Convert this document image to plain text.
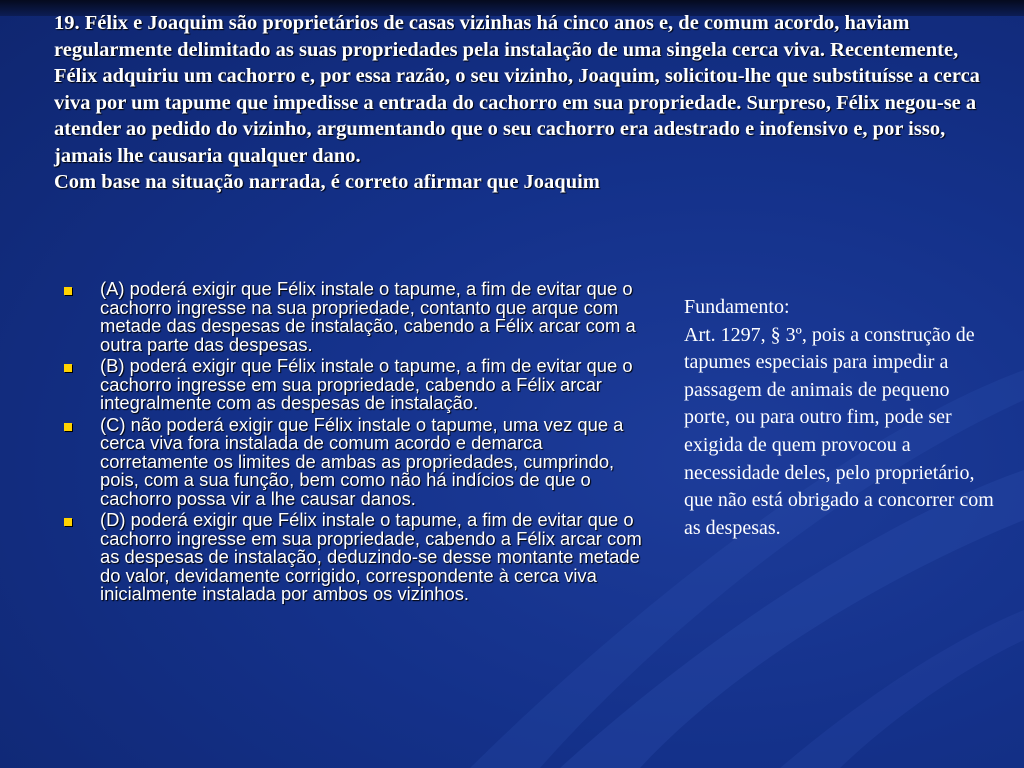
19. Félix e Joaquim são proprietários de casas vizinhas há cinco anos e, de comum acordo, haviam regularmente delimitado as suas propriedades pela instalação de uma singela cerca viva. Recentemente, Félix adquiriu um cachorro e, por essa razão, o seu vizinho, Joaquim, solicitou-lhe que substituísse a cerca viva por um tapume que impedisse a entrada do cachorro em sua propriedade. Surpreso, Félix negou-se a atender ao pedido do vizinho, argumentando que o seu cachorro era adestrado e inofensivo e, por isso, jamais lhe causaria qualquer dano.

Com base na situação narrada, é correto afirmar que Joaquim

(A) poderá exigir que Félix instale o tapume, a fim de evitar que o cachorro ingresse na sua propriedade, contanto que arque com metade das despesas de instalação, cabendo a Félix arcar com a outra parte das despesas.
(B) poderá exigir que Félix instale o tapume, a fim de evitar que o cachorro ingresse em sua propriedade, cabendo a Félix arcar integralmente com as despesas de instalação.
(C) não poderá exigir que Félix instale o tapume, uma vez que a cerca viva fora instalada de comum acordo e demarca corretamente os limites de ambas as propriedades, cumprindo, pois, com a sua função, bem como não há indícios de que o cachorro possa vir a lhe causar danos.
(D) poderá exigir que Félix instale o tapume, a fim de evitar que o cachorro ingresse em sua propriedade, cabendo a Félix arcar com as despesas de instalação, deduzindo-se desse montante metade do valor, devidamente corrigido, correspondente à cerca viva inicialmente instalada por ambos os vizinhos.

Fundamento:

Art. 1297, § 3º, pois a construção de tapumes especiais para impedir a passagem de animais de pequeno porte, ou para outro fim, pode ser exigida de quem provocou a necessidade deles, pelo proprietário, que não está obrigado a concorrer com as despesas.
